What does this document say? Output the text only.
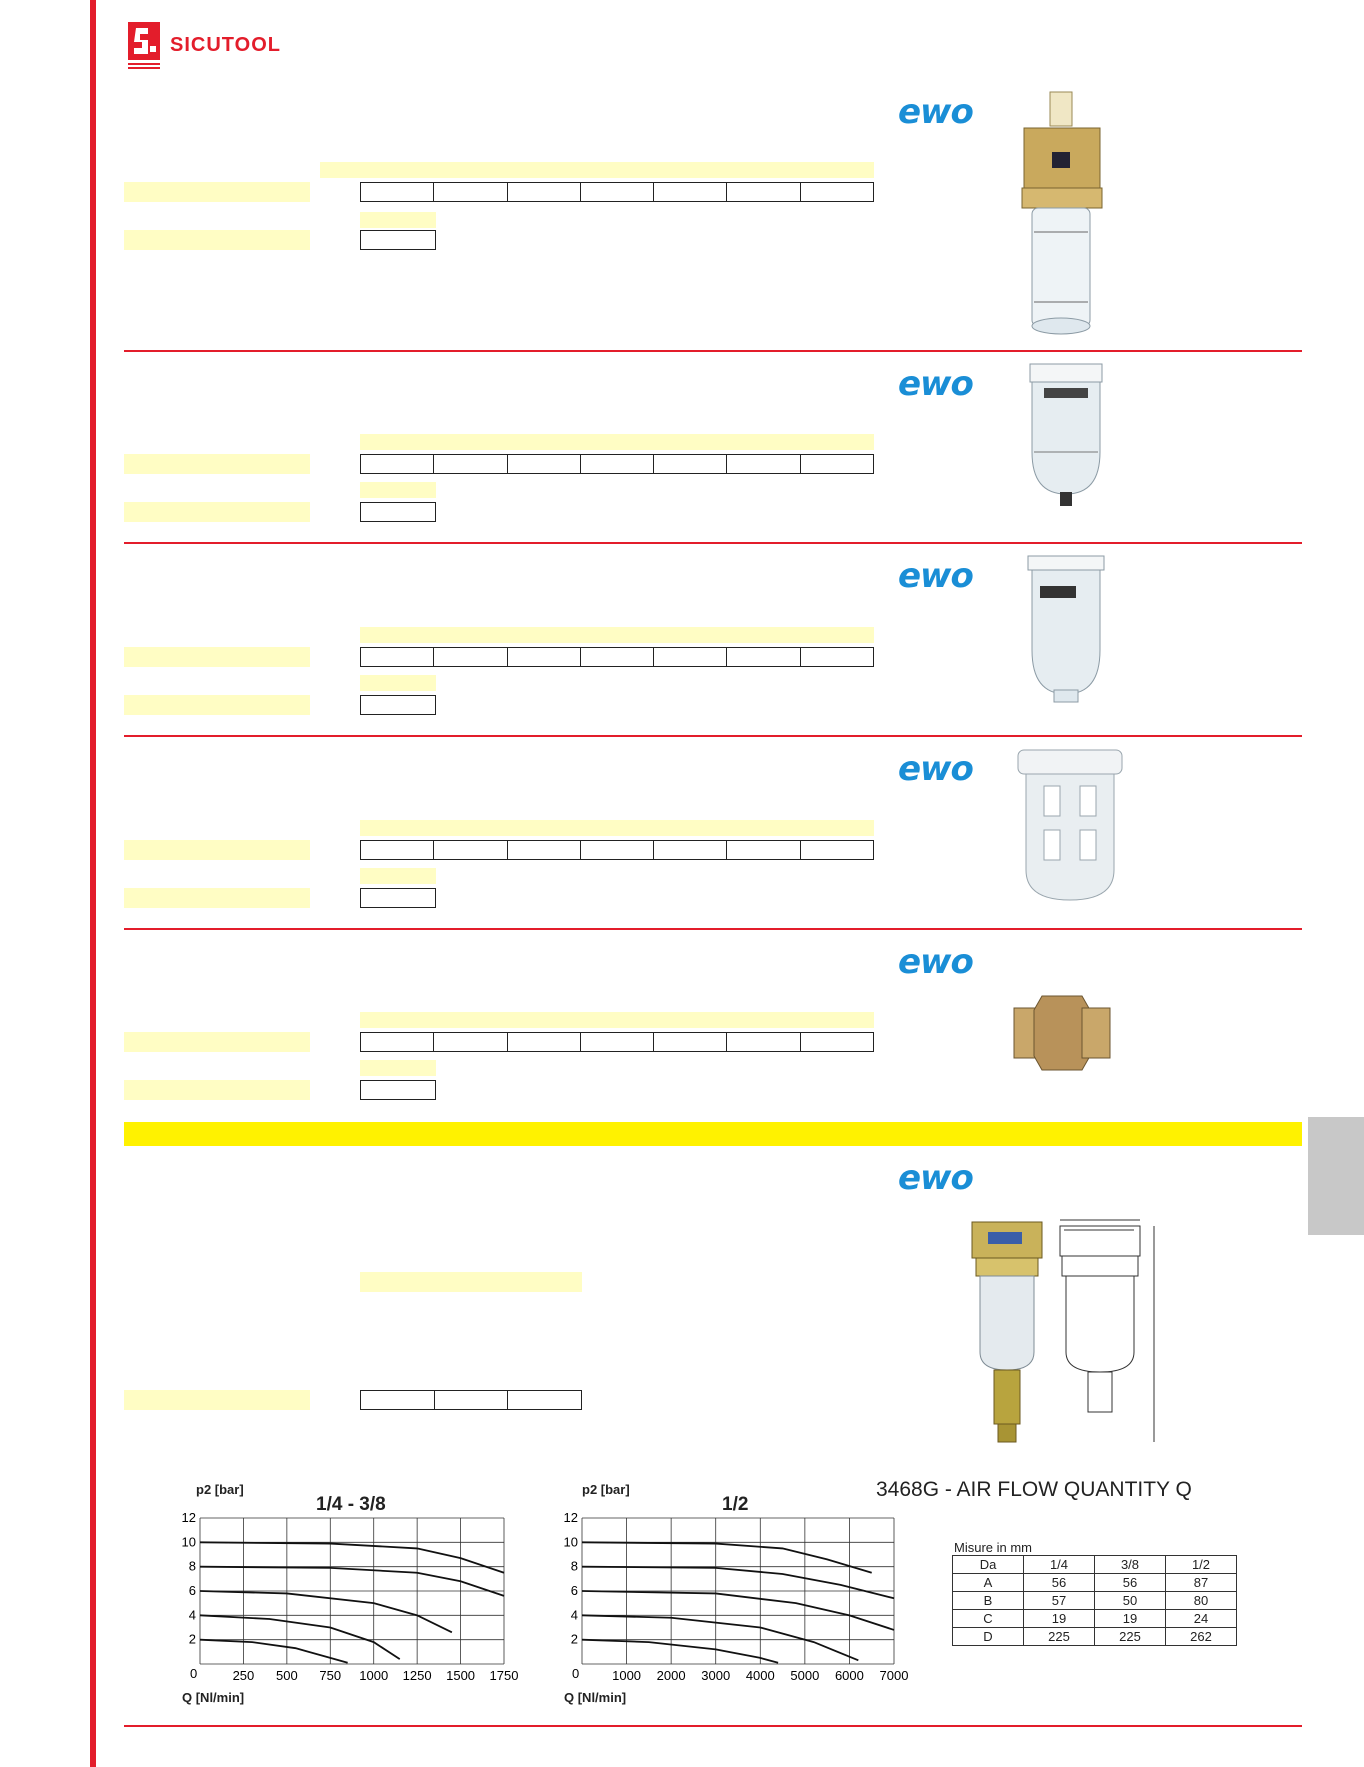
SICUTOOL
ewo
ewo
ewo
ewo
ewo
ewo
p2 [bar]
1/4 - 3/8
2
4
6
8
10
12
0	250 500 750 1000 1250 1500 1750
Q [Nl/min]
p2 [bar]
1/2
2
4
6
8
10
12
0	1000 2000 3000 4000 5000 6000 7000
Q [Nl/min]
3468G - AIR FLOW QUANTITY Q
Misure in mm
Da	1/4	3/8	1/2
A	56	56	87
B	57	50	80
C	19	19	24
D	225	225	262
